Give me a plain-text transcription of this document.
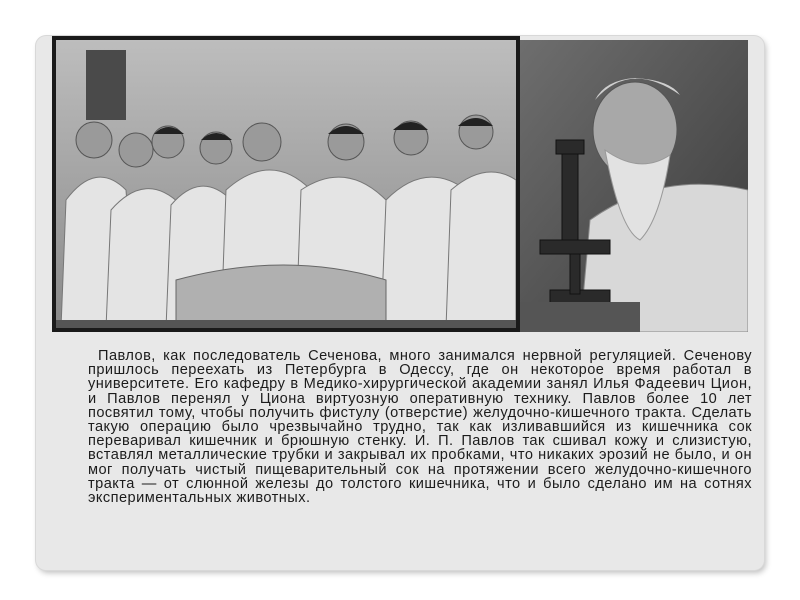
Павлов, как последователь Сеченова, много занимался нервной регуляцией. Сеченову пришлось переехать из Петербурга в Одессу, где он некоторое время работал в университете. Его кафедру в Медико-хирургической академии занял Илья Фадеевич Цион, и Павлов перенял у Циона виртуозную оперативную технику. Павлов более 10 лет посвятил тому, чтобы получить фистулу (отверстие) желудочно-кишечного тракта. Сделать такую операцию было чрезвычайно трудно, так как изливавшийся из кишечника сок переваривал кишечник и брюшную стенку. И. П. Павлов так сшивал кожу и слизистую, вставлял металлические трубки и закрывал их пробками, что никаких эрозий не было, и он мог получать чистый пищеварительный сок на протяжении всего желудочно-кишечного тракта — от слюнной железы до толстого кишечника, что и было сделано им на сотнях экспериментальных животных.
